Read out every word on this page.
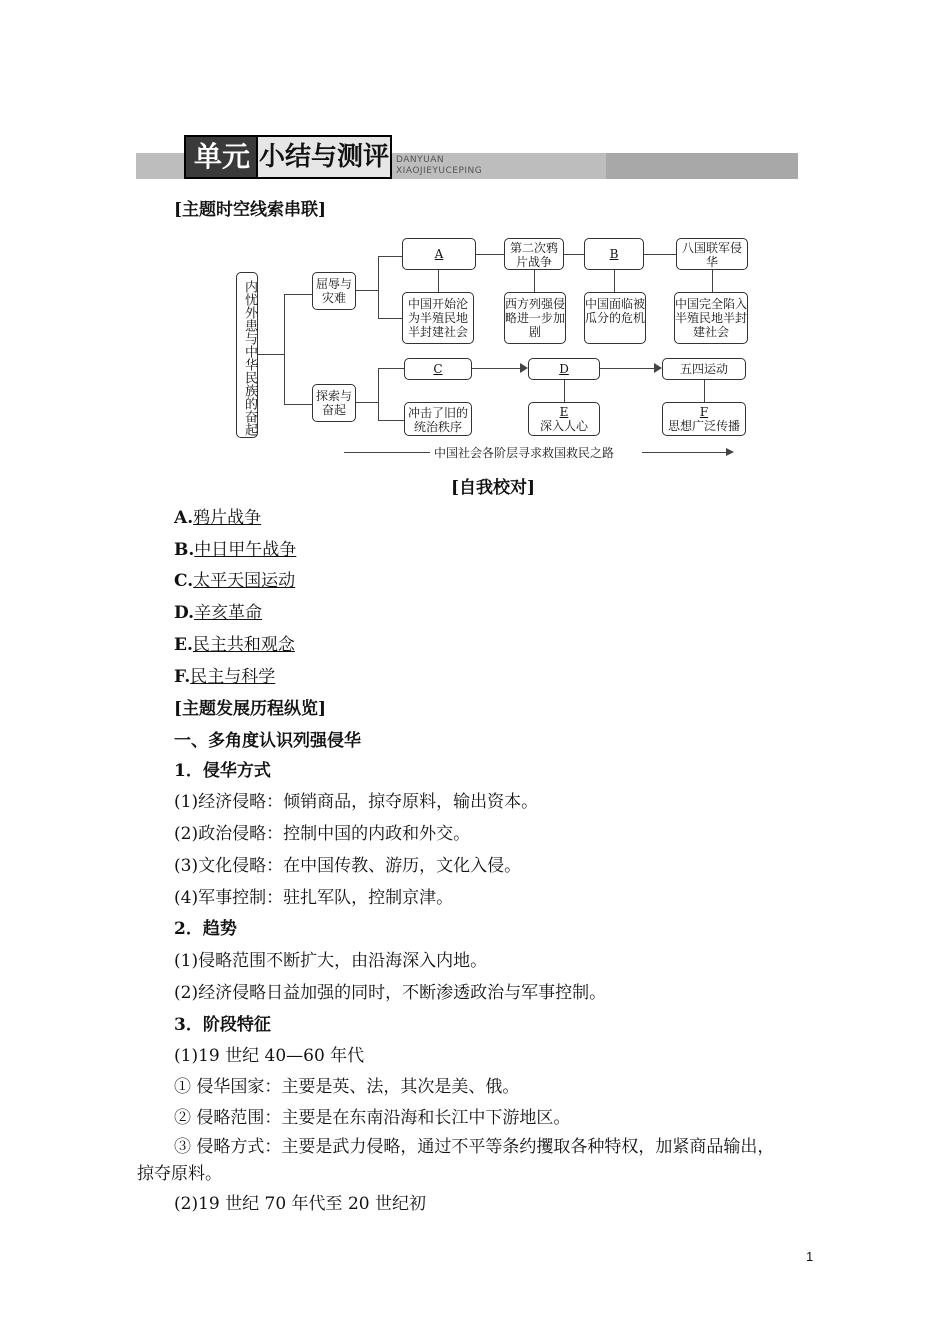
单元 小结与测评 DANYUAN
XIAOJIEYUCEPING
[主题时空线索串联]
内忧外患与中华民族的奋起	屈辱与灾难
探索与奋起
A	第二次鸦片战争
B	八国联军侵华
中国开始沦为半殖民地半封建社会
西方列强侵略进一步加剧
中国面临被瓜分的危机
中国完全陷入半殖民地半封建社会
C	D	五四运动
冲击了旧的统治秩序
E
深入人心
F
思想广泛传播
中国社会各阶层寻求救国救民之路
[自我校对]
A.鸦片战争
B.中日甲午战争
C.太平天国运动
D.辛亥革命
E.民主共和观念
F.民主与科学
[主题发展历程纵览]
一、多角度认识列强侵华
1．侵华方式
(1)经济侵略：倾销商品，掠夺原料，输出资本。
(2)政治侵略：控制中国的内政和外交。
(3)文化侵略：在中国传教、游历，文化入侵。
(4)军事控制：驻扎军队，控制京津。
2．趋势
(1)侵略范围不断扩大，由沿海深入内地。
(2)经济侵略日益加强的同时，不断渗透政治与军事控制。
3．阶段特征
(1)19 世纪 40—60 年代
① 侵华国家：主要是英、法，其次是美、俄。
② 侵略范围：主要是在东南沿海和长江中下游地区。
③ 侵略方式：主要是武力侵略，通过不平等条约攫取各种特权，加紧商品输出，
掠夺原料。
(2)19 世纪 70 年代至 20 世纪初
1
